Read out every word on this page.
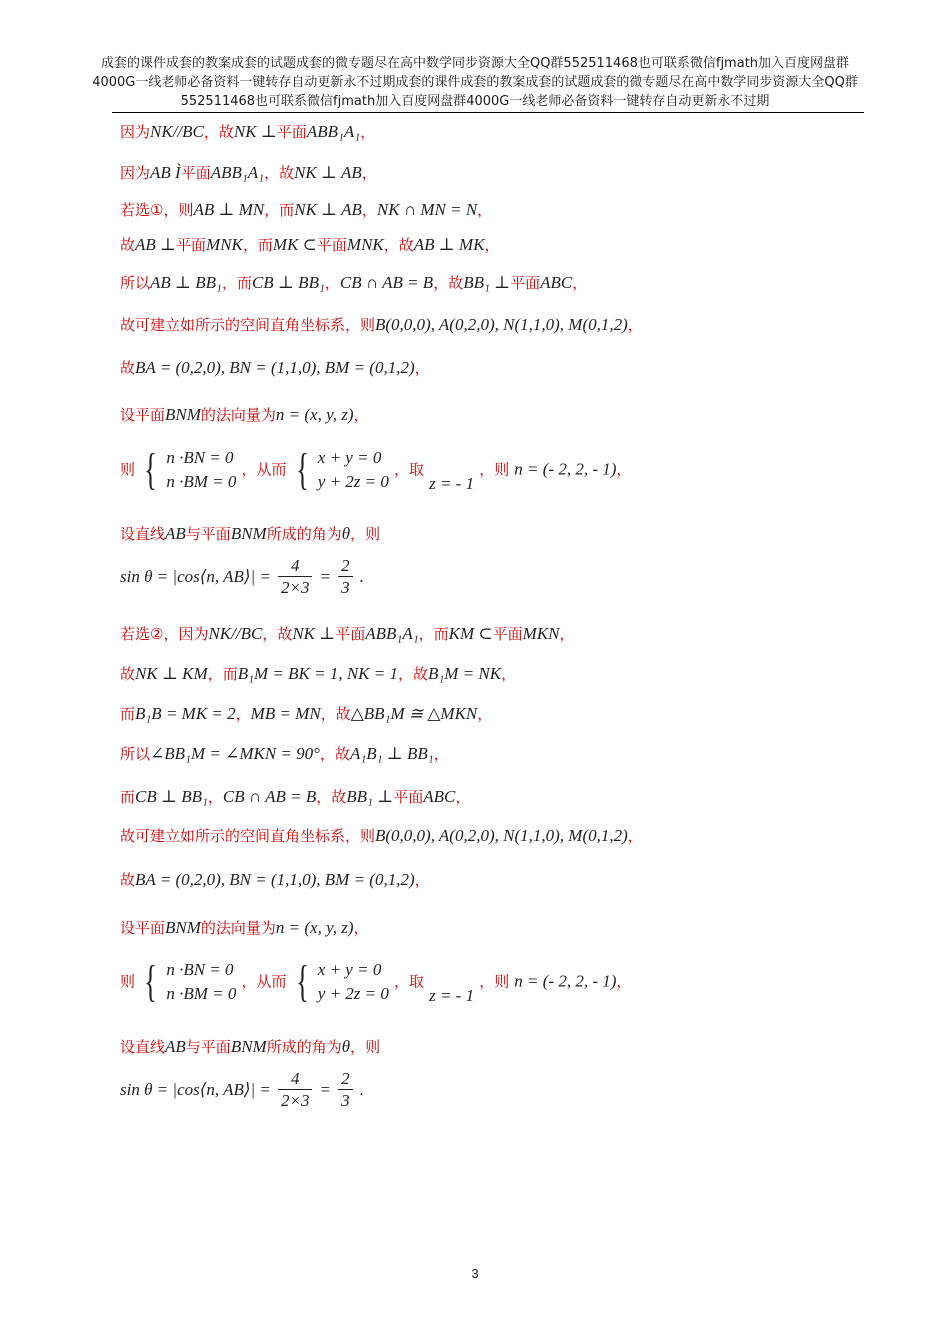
成套的课件成套的教案成套的试题成套的微专题尽在高中数学同步资源大全QQ群552511468也可联系微信fjmath加入百度网盘群4000G一线老师必备资料一键转存自动更新永不过期成套的课件成套的教案成套的试题成套的微专题尽在高中数学同步资源大全QQ群552511468也可联系微信fjmath加入百度网盘群4000G一线老师必备资料一键转存自动更新永不过期
因为NK//BC，故NK ⊥平面ABB₁A₁，
因为AB Ì平面ABB₁A₁，故NK ⊥ AB，
若选①，则AB ⊥ MN，而NK ⊥ AB，NK ∩ MN = N，
故AB ⊥平面MNK，而MK ⊂平面MNK，故AB ⊥ MK，
所以AB ⊥ BB₁，而CB ⊥ BB₁，CB ∩ AB = B，故BB₁ ⊥平面ABC，
故可建立如所示的空间直角坐标系，则B(0,0,0), A(0,2,0), N(1,1,0), M(0,1,2)，
故BA = (0,2,0), BN = (1,1,0), BM = (0,1,2)，
设平面BNM的法向量为n = (x, y, z)，
则 { n ·BN = 0
n ·BM = 0
，从而 { x + y = 0
y + 2z = 0
，取 z = - 1 ，则 n = (- 2, 2, - 1)，
设直线AB与平面BNM所成的角为θ，则
sin θ = |cos⟨n, AB⟩| = $\frac{4}{2\times 3} = \frac{2}{3}$ .
若选②，因为NK//BC，故NK ⊥平面ABB₁A₁，而KM ⊂平面MKN，
故NK ⊥ KM，而B₁M = BK = 1, NK = 1，故B₁M = NK，
而B₁B = MK = 2，MB = MN，故△BB₁M ≅ △MKN，
所以∠BB₁M = ∠MKN = 90°，故A₁B₁ ⊥ BB₁，
而CB ⊥ BB₁，CB ∩ AB = B，故BB₁ ⊥平面ABC，
故可建立如所示的空间直角坐标系，则B(0,0,0), A(0,2,0), N(1,1,0), M(0,1,2)，
故BA = (0,2,0), BN = (1,1,0), BM = (0,1,2)，
设平面BNM的法向量为n = (x, y, z)，
则 { n ·BN = 0
n ·BM = 0
，从而 { x + y = 0
y + 2z = 0
，取 z = - 1 ，则 n = (- 2, 2, - 1)，
设直线AB与平面BNM所成的角为θ，则
sin θ = |cos⟨n, AB⟩| = $\frac{4}{2\times 3} = \frac{2}{3}$ .
3
